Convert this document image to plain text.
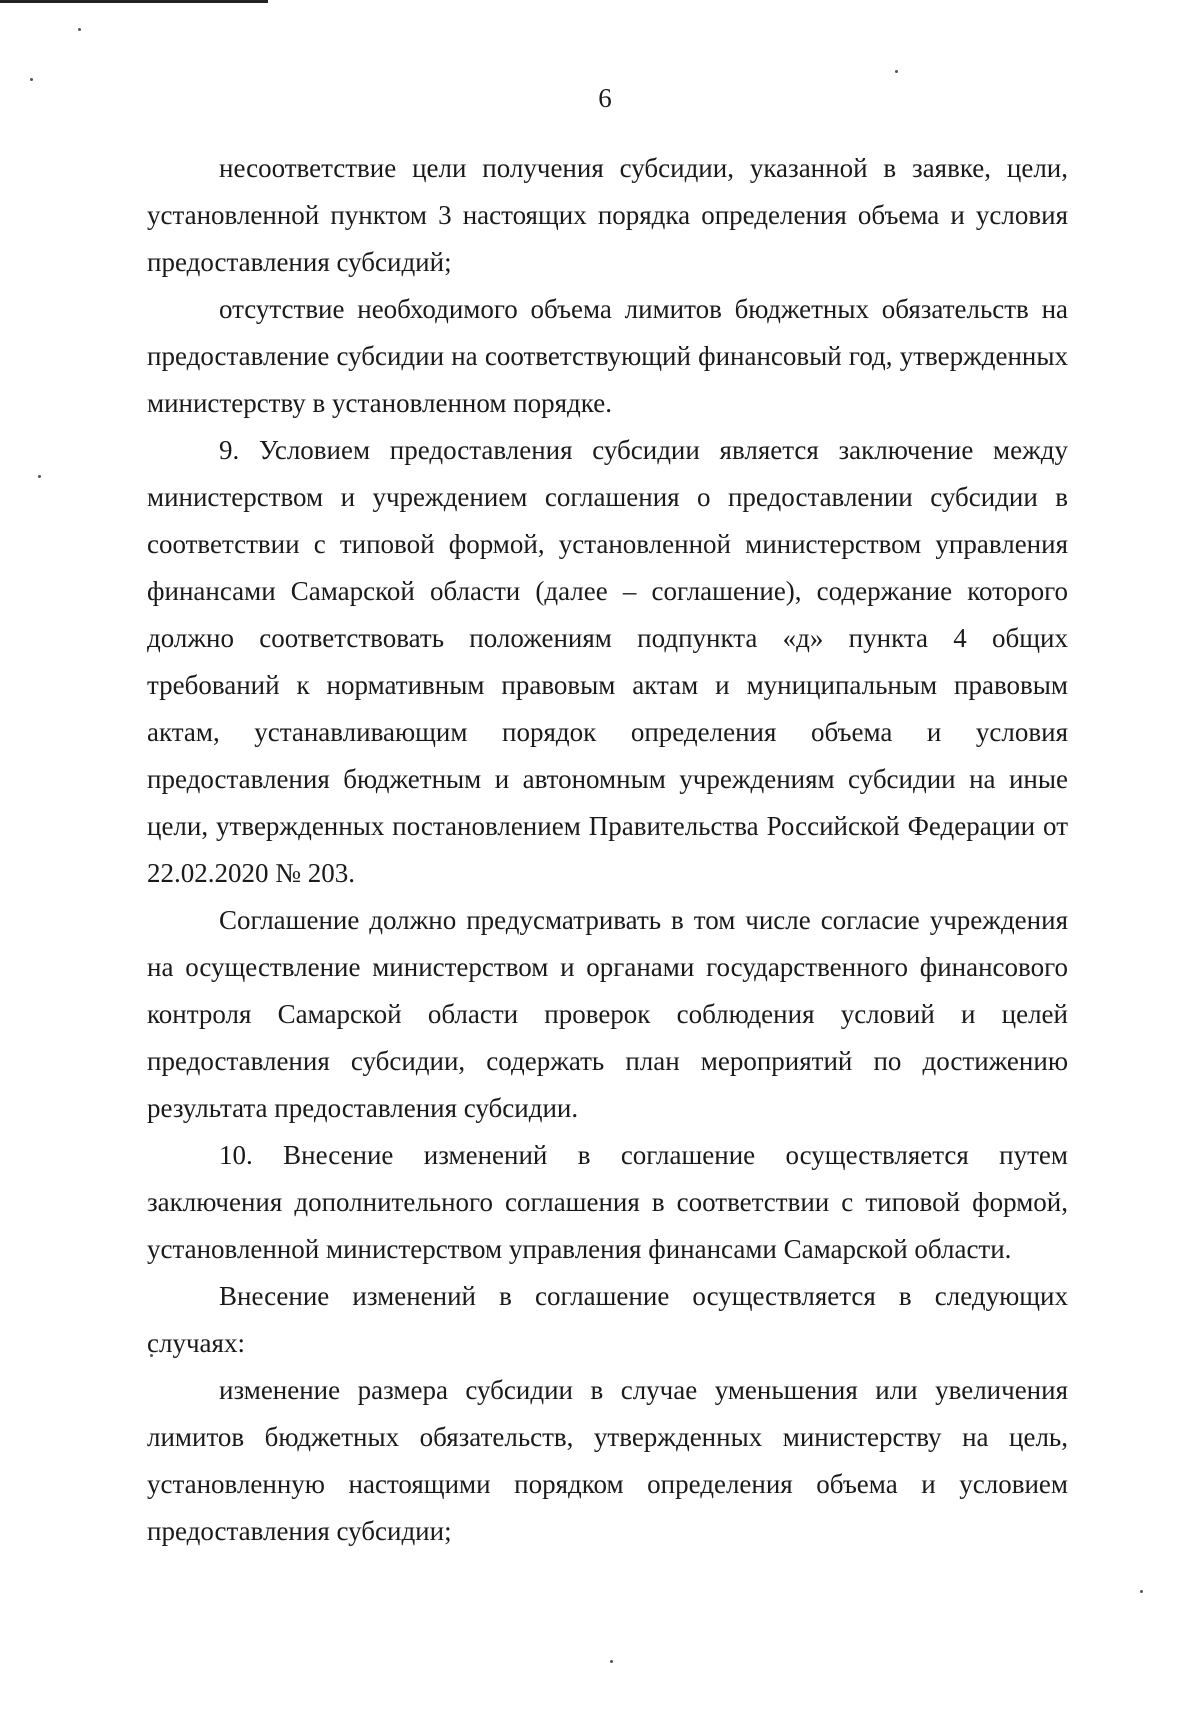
6

несоответствие цели получения субсидии, указанной в заявке, цели, установленной пунктом 3 настоящих порядка определения объема и условия предоставления субсидий;

отсутствие необходимого объема лимитов бюджетных обязательств на предоставление субсидии на соответствующий финансовый год, утвержденных министерству в установленном порядке.

9. Условием предоставления субсидии является заключение между министерством и учреждением соглашения о предоставлении субсидии в соответствии с типовой формой, установленной министерством управления финансами Самарской области (далее – соглашение), содержание которого должно соответствовать положениям подпункта «д» пункта 4 общих требований к нормативным правовым актам и муниципальным правовым актам, устанавливающим порядок определения объема и условия предоставления бюджетным и автономным учреждениям субсидии на иные цели, утвержденных постановлением Правительства Российской Федерации от 22.02.2020 № 203.

Соглашение должно предусматривать в том числе согласие учреждения на осуществление министерством и органами государственного финансового контроля Самарской области проверок соблюдения условий и целей предоставления субсидии, содержать план мероприятий по достижению результата предоставления субсидии.

10. Внесение изменений в соглашение осуществляется путем заключения дополнительного соглашения в соответствии с типовой формой, установленной министерством управления финансами Самарской области.

Внесение изменений в соглашение осуществляется в следующих случаях:

изменение размера субсидии в случае уменьшения или увеличения лимитов бюджетных обязательств, утвержденных министерству на цель, установленную настоящими порядком определения объема и условием предоставления субсидии;
